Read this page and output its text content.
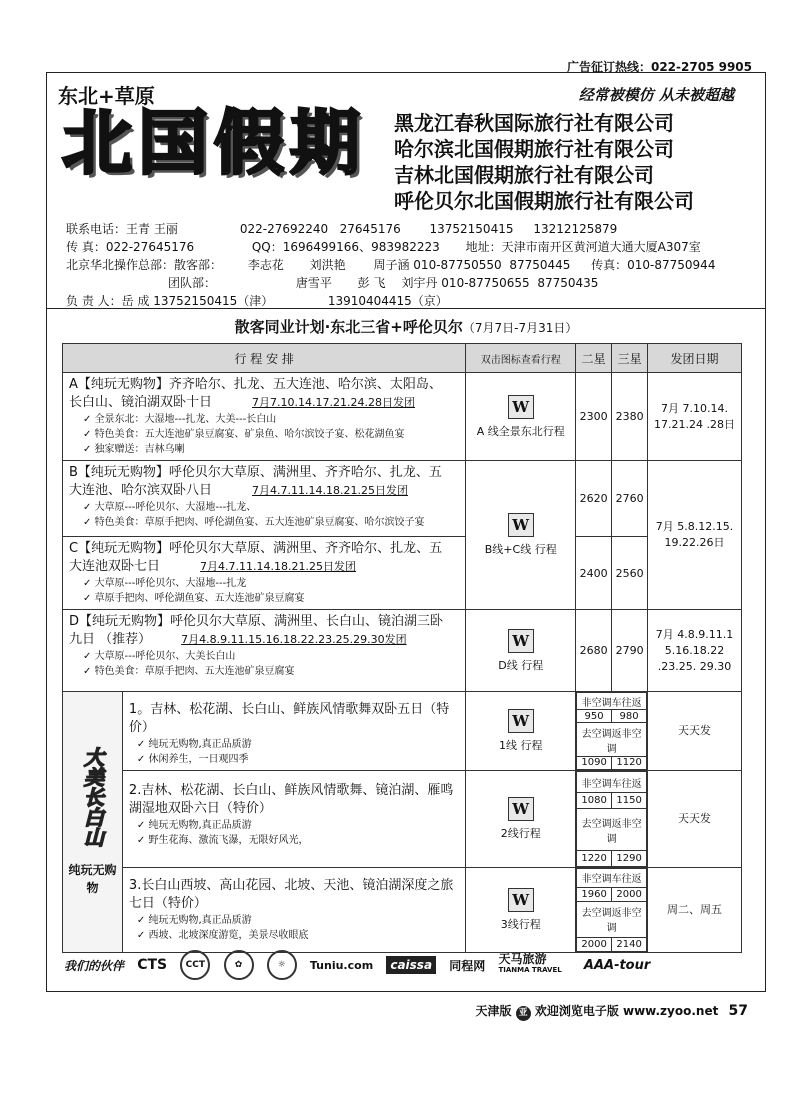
广告征订热线：022-2705 9905
东北+草原	经常被模仿 从未被超越
北国假期 黑龙江春秋国际旅行社有限公司
哈尔滨北国假期旅行社有限公司
吉林北国假期旅行社有限公司
呼伦贝尔北国假期旅行社有限公司
联系电话：王青 王丽	022-27692240 27645176 13752150415 13212125879
传 真：022-27645176	QQ：1696499166、983982223 地址：天津市南开区黄河道大通大厦A307室
北京华北操作总部：散客部： 李志花 刘洪艳 周子涵 010-87750550 87750445 传真：010-87750944
团队部：	唐雪平 彭 飞 刘宇丹 010-87750655 87750435
负 责 人：岳 成 13752150415（津）	13910404415（京）
散客同业计划·东北三省+呼伦贝尔（7月7日-7月31日）
行 程 安 排	双击图标查看行程	二星	三星	发团日期

A【纯玩无购物】齐齐哈尔、扎龙、五大连池、哈尔滨、太阳岛、
长白山、镜泊湖双卧十日	7月7.10.14.17.21.24.28日发团
✓ 全景东北：大湿地---扎龙、大美---长白山
✓ 特色美食：五大连池矿泉豆腐宴、矿泉鱼、哈尔滨饺子宴、松花湖鱼宴
✓ 独家赠送：吉林乌喇
	W
A 线全景东北行程	2300	2380	7月 7.10.14. 17.21.24 .28日

B【纯玩无购物】呼伦贝尔大草原、满洲里、齐齐哈尔、扎龙、五
大连池、哈尔滨双卧八日	7月4.7.11.14.18.21.25日发团
✓ 大草原---呼伦贝尔、大湿地---扎龙、
✓ 特色美食：草原手把肉、呼伦湖鱼宴、五大连池矿泉豆腐宴、哈尔滨饺子宴	W
B线+C线 行程	2620	2760	7月 5.8.12.15. 19.22.26日

C【纯玩无购物】呼伦贝尔大草原、满洲里、齐齐哈尔、扎龙、五
大连池双卧七日	7月4.7.11.14.18.21.25日发团
✓ 大草原---呼伦贝尔、大湿地---扎龙
✓ 草原手把肉、呼伦湖鱼宴、五大连池矿泉豆腐宴
	2400	2560

D【纯玩无购物】呼伦贝尔大草原、满洲里、长白山、镜泊湖三卧
九日 （推荐）	7月4.8.9.11.15.16.18.22.23.25.29.30发团
✓ 大草原---呼伦贝尔、大美长白山
✓ 特色美食：草原手把肉、五大连池矿泉豆腐宴
	W
D线 行程	2680	2790	7月 4.8.9.11.1 5.16.18.22 .23.25. 29.30

大美长白山
纯玩无购物

1。吉林、松花湖、长白山、鲜族风情歌舞双卧五日（特价）
✓ 纯玩无购物,真正品质游
✓ 休闲养生，一日观四季
	W
1线 行程	
非空调车往返
950	980
去空调返非空调
1090	1120
	天天发

2.吉林、松花湖、长白山、鲜族风情歌舞、镜泊湖、雁鸣
湖湿地双卧六日（特价）
✓ 纯玩无购物,真正品质游
✓ 野生花海、激流飞瀑，无限好风光，
	W
2线行程	
非空调车往返
1080	1150
去空调返非空调
1220	1290
	天天发

3.长白山西坡、高山花园、北坡、天池、镜泊湖深度之旅
七日（特价）
✓ 纯玩无购物,真正品质游
✓ 西坡、北坡深度游览，美景尽收眼底
	W
3线行程	
非空调车往返
1960	2000
去空调返非空调
2000	2140
	周二、周五
我们的伙伴 CTS CCT	✿	☼ Tuniu.com caissa 同程网 天马旅游
TIANMA TRAVEL AAA-tour
天津版 亚 欢迎浏览电子版 www.zyoo.net 57
